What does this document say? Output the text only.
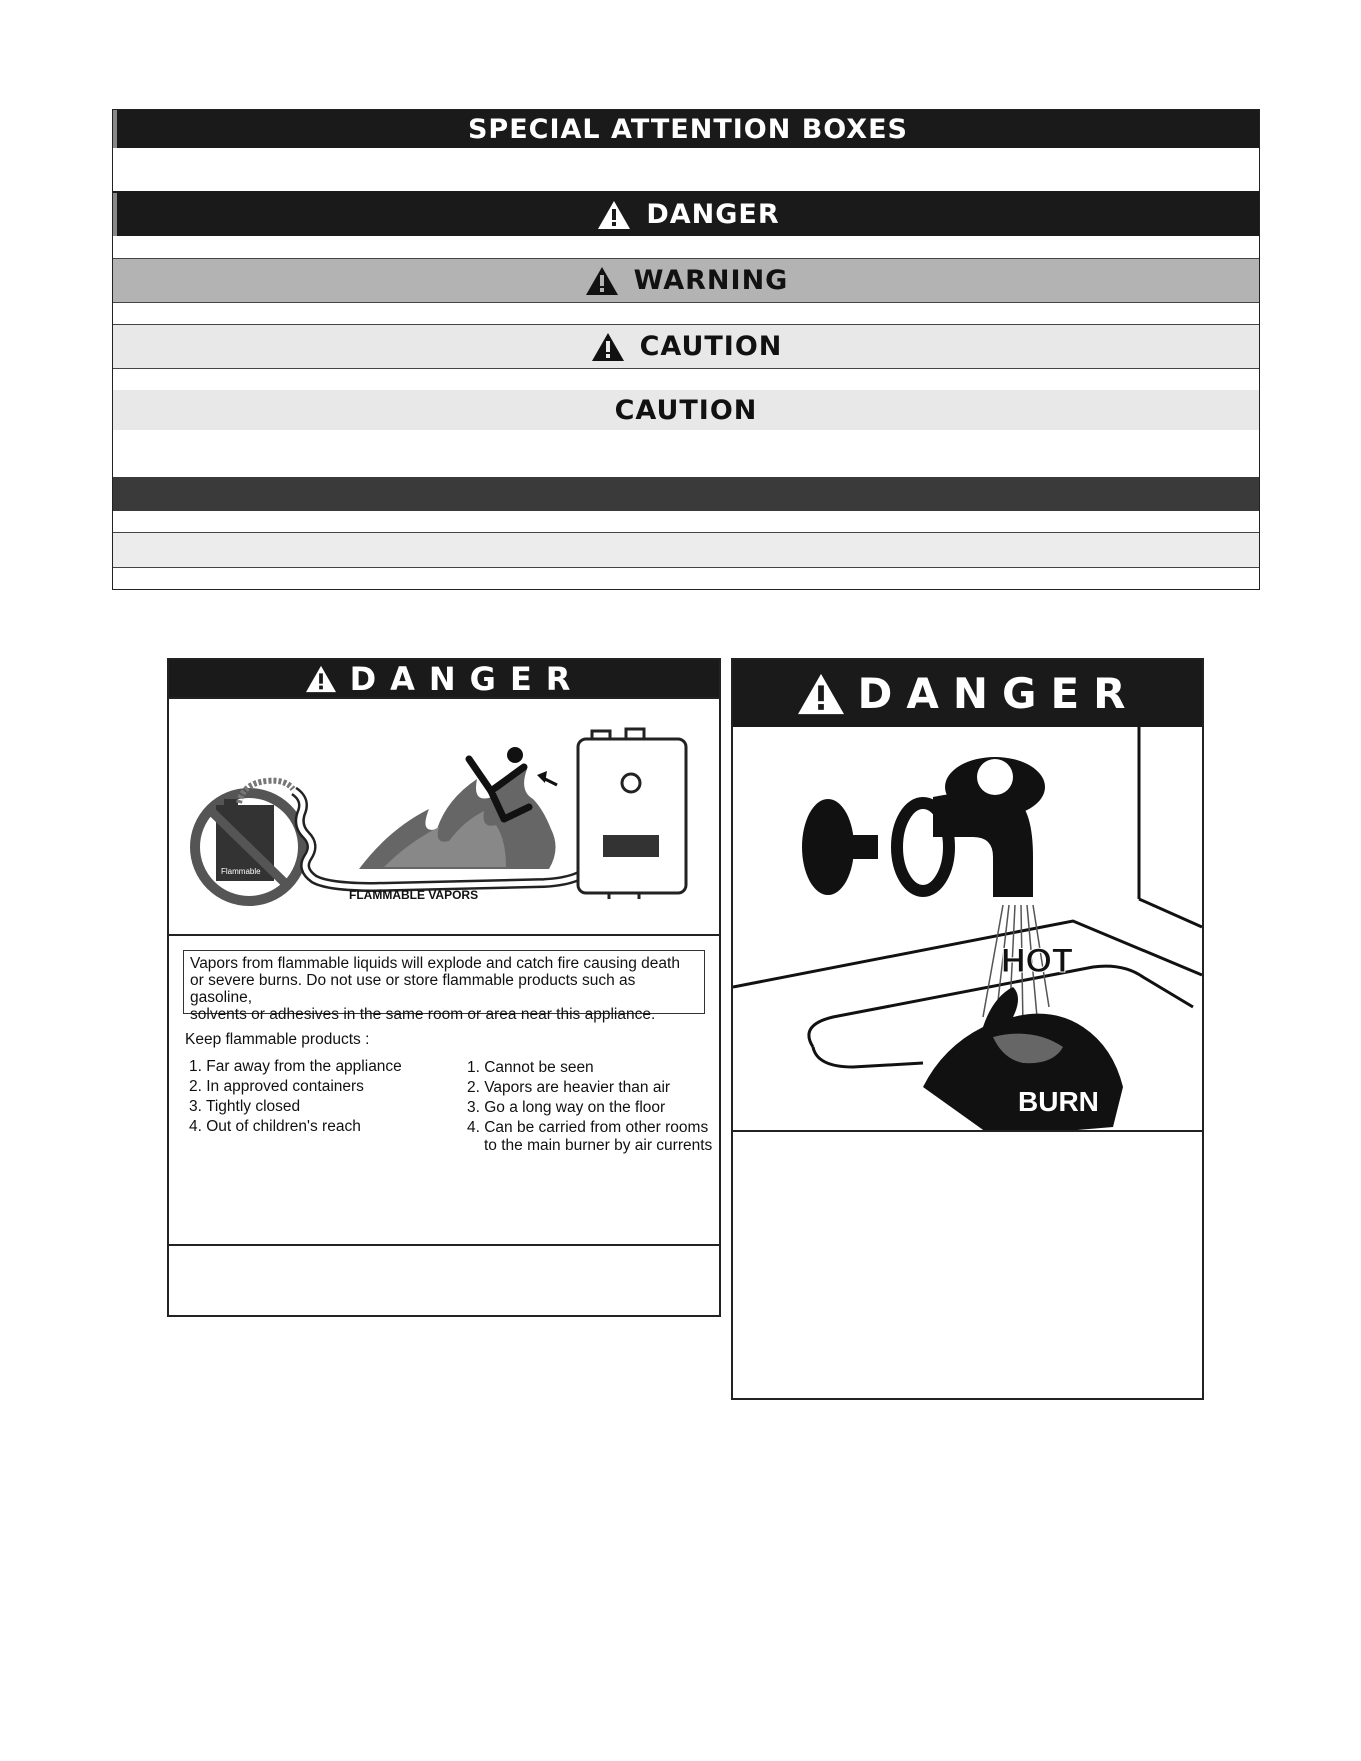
SPECIAL ATTENTION BOXES
DANGER
WARNING
CAUTION
CAUTION
DANGER
Flammable
FLAMMABLE VAPORS
Vapors from flammable liquids will explode and catch fire causing death
or severe burns. Do not use or store flammable products such as gasoline,
solvents or adhesives in the same room or area near this appliance.
Keep flammable products :
1. Far away from the appliance
2. In approved containers
3. Tightly closed
4. Out of children's reach
1. Cannot be seen
2. Vapors are heavier than air
3. Go a long way on the floor
4. Can be carried from other rooms
to the main burner by air currents
DANGER
HOT
BURN
